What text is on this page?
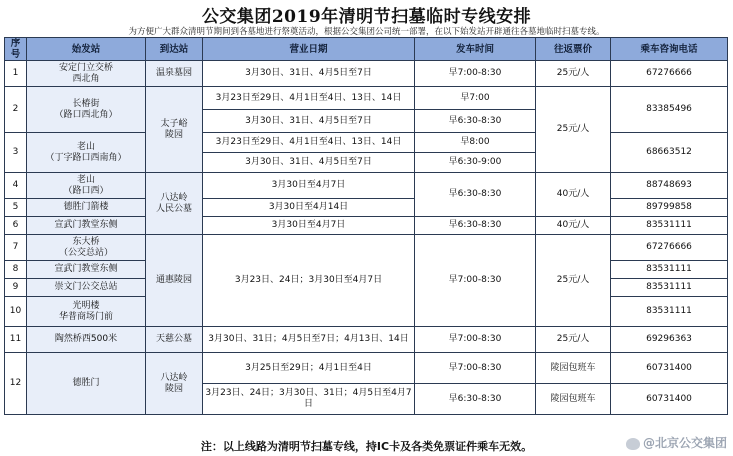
公交集团2019年清明节扫墓临时专线安排
为方便广大群众清明节期间到各墓地进行祭奠活动，根据公交集团公司统一部署，在以下始发站开辟通往各墓地临时扫墓专线。
序号	始发站	到达站	营业日期	发车时间	往返票价	乘车咨询电话
1	安定门立交桥
西北角	温泉墓园	3月30日、31日、4月5日至7日	早7:00-8:30	25元/人	67276666
2	长椿街
（路口西北角）	太子峪
陵园	3月23日至29日、4月1日至4日、13日、14日	早7:00	25元/人	83385496
			3月30日、31日、4月5日至7日	早6:30-8:30		
3	老山
（丁字路口西南角）		3月23日至29日、4月1日至4日、13日、14日	早8:00		68663512
			3月30日、31日、4月5日至7日	早6:30-9:00		
4	老山
（路口西）	八达岭
人民公墓	3月30日至4月7日	早6:30-8:30	40元/人	88748693
5	德胜门箭楼		3月30日至4月14日			89799858
6	宣武门教堂东侧		3月30日至4月7日	早6:30-8:30	40元/人	83531111
7	东大桥
（公交总站）	通惠陵园	3月23日、24日；3月30日至4月7日	早7:00-8:30	25元/人	67276666
8	宣武门教堂东侧					83531111
9	崇文门公交总站					83531111
10	光明楼
华普商场门前					83531111
11	陶然桥西500米	天慈公墓	3月30日、31日；4月5日至7日；4月13日、14日	早7:00-8:30	25元/人	69296363
12	德胜门	八达岭
陵园	3月25日至29日；4月1日至4日	早7:00-8:30	陵园包班车	60731400
			3月23日、24日；3月30日、31日；4月5日至4月7日	早6:30-8:30	陵园包班车	60731400
注：以上线路为清明节扫墓专线，持IC卡及各类免票证件乘车无效。	@北京公交集团
